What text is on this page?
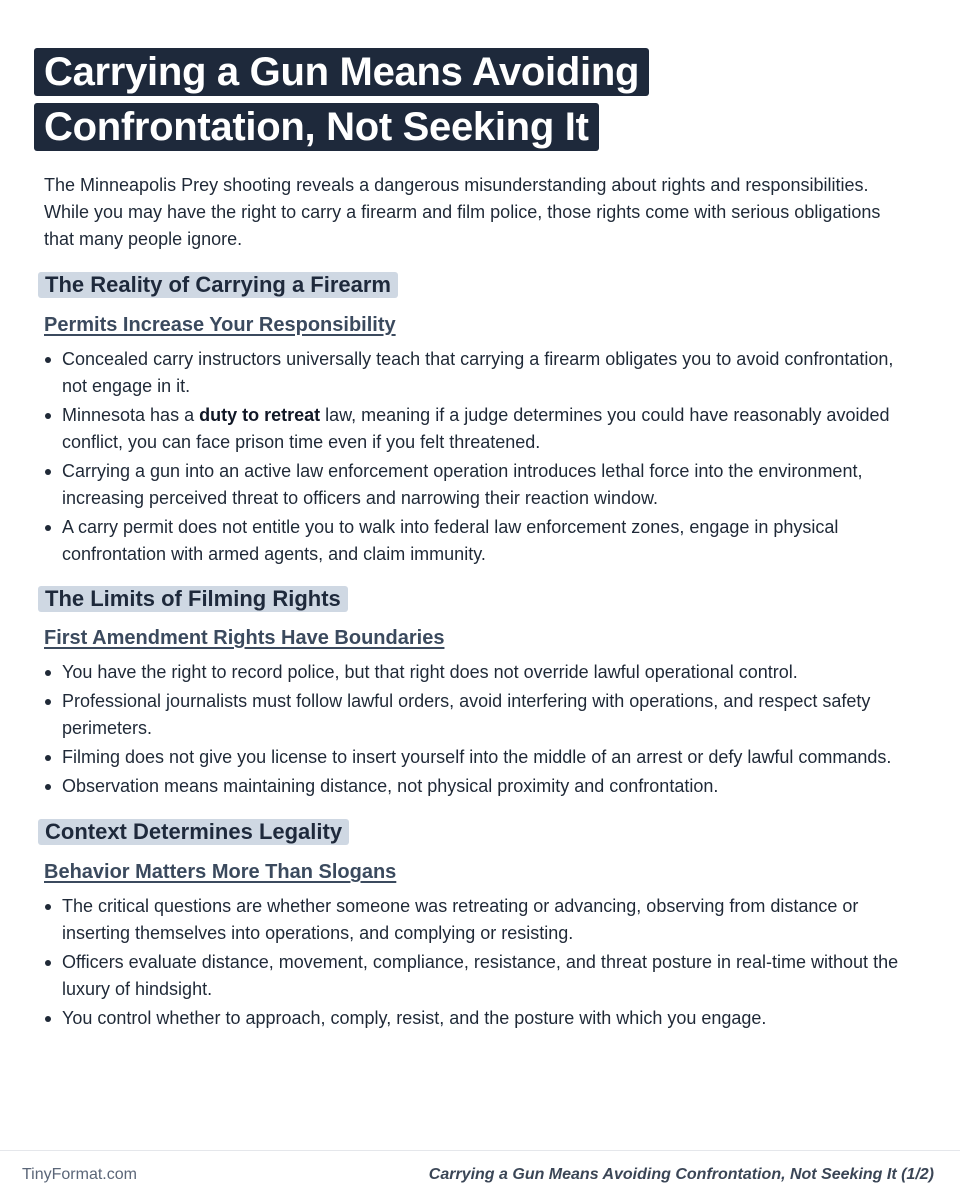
Carrying a Gun Means Avoiding
Confrontation, Not Seeking It

The Minneapolis Prey shooting reveals a dangerous misunderstanding about rights and responsibilities. While you may have the right to carry a firearm and film police, those rights come with serious obligations that many people ignore.

The Reality of Carrying a Firearm
Permits Increase Your Responsibility
Concealed carry instructors universally teach that carrying a firearm obligates you to avoid confrontation, not engage in it.
Minnesota has a duty to retreat law, meaning if a judge determines you could have reasonably avoided conflict, you can face prison time even if you felt threatened.
Carrying a gun into an active law enforcement operation introduces lethal force into the environment, increasing perceived threat to officers and narrowing their reaction window.
A carry permit does not entitle you to walk into federal law enforcement zones, engage in physical confrontation with armed agents, and claim immunity.
The Limits of Filming Rights
First Amendment Rights Have Boundaries
You have the right to record police, but that right does not override lawful operational control.
Professional journalists must follow lawful orders, avoid interfering with operations, and respect safety perimeters.
Filming does not give you license to insert yourself into the middle of an arrest or defy lawful commands.
Observation means maintaining distance, not physical proximity and confrontation.
Context Determines Legality
Behavior Matters More Than Slogans
The critical questions are whether someone was retreating or advancing, observing from distance or inserting themselves into operations, and complying or resisting.
Officers evaluate distance, movement, compliance, resistance, and threat posture in real-time without the luxury of hindsight.
You control whether to approach, comply, resist, and the posture with which you engage.
TinyFormat.com	Carrying a Gun Means Avoiding Confrontation, Not Seeking It (1/2)
